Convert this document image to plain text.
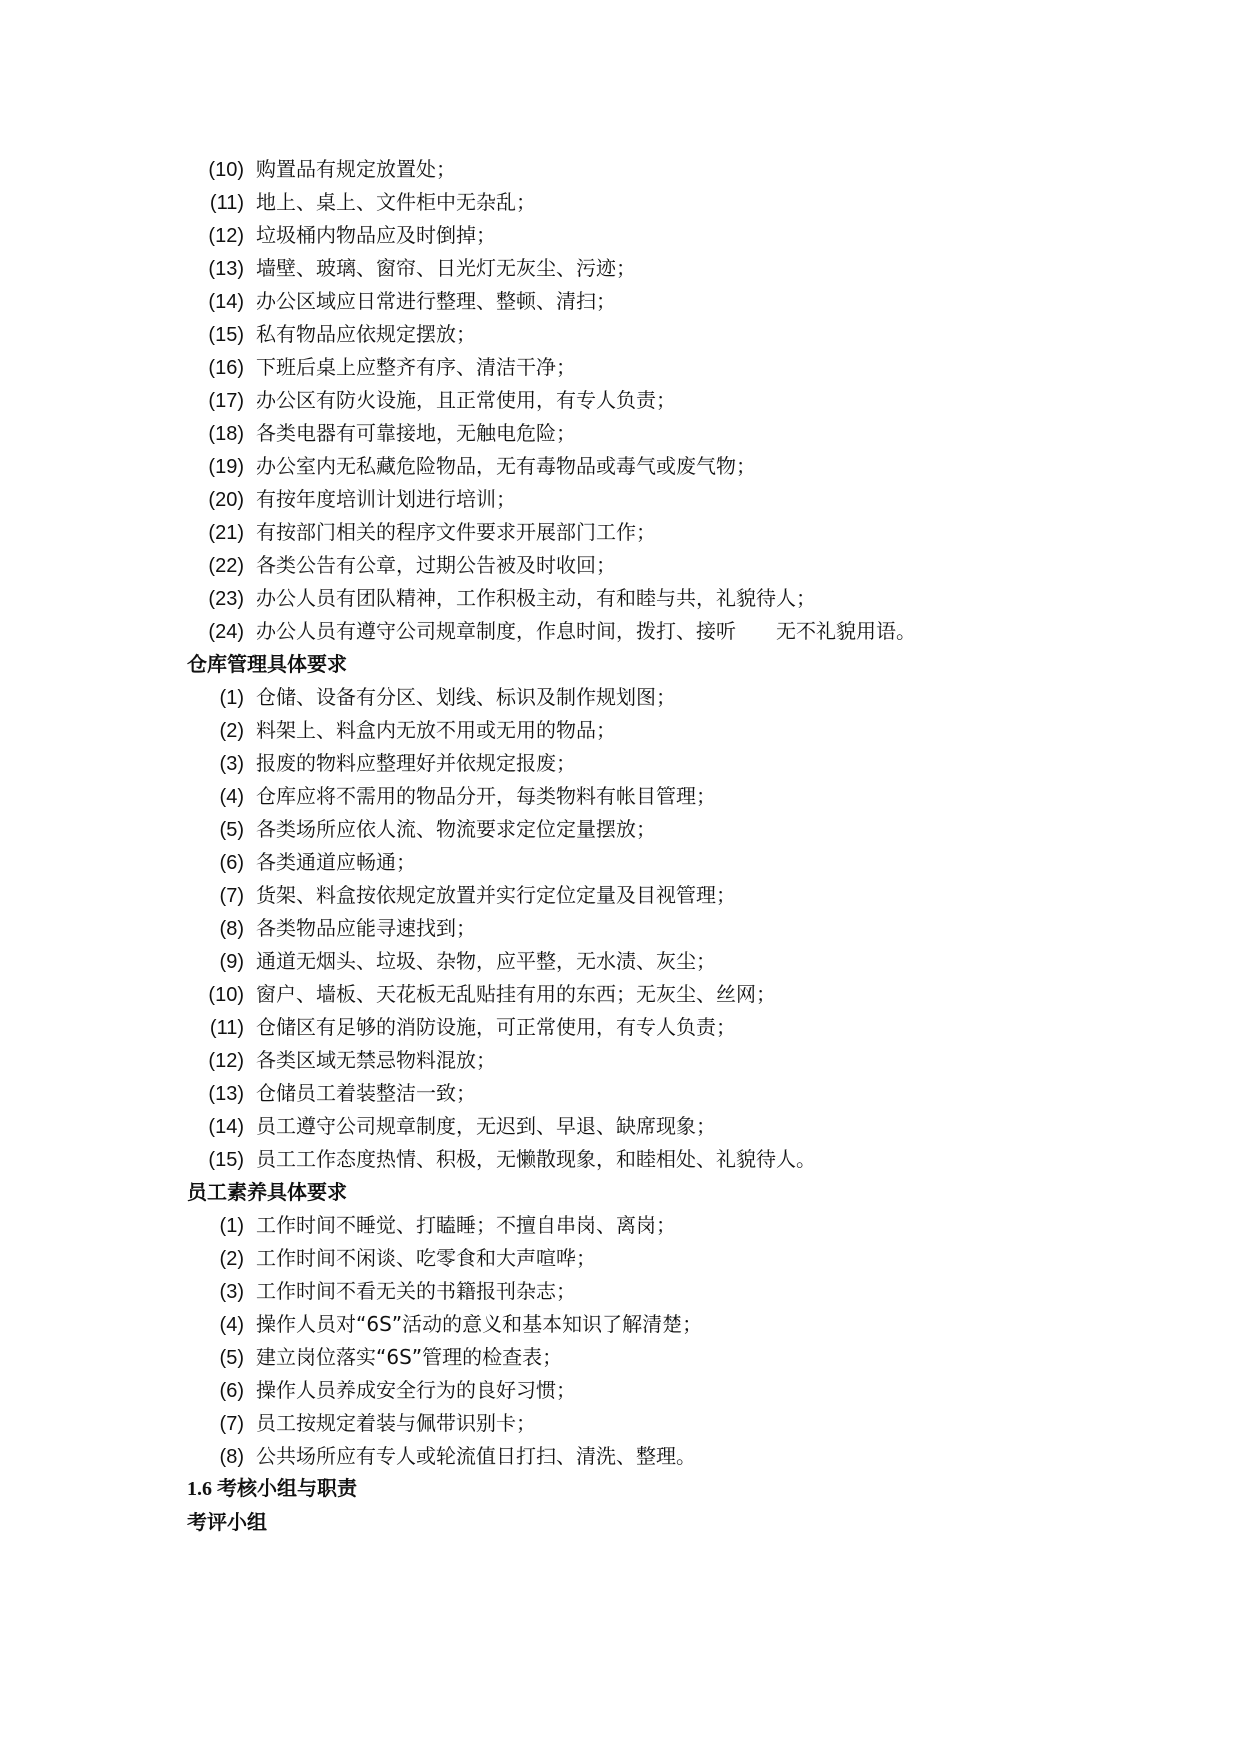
(10) 购置品有规定放置处；
(11) 地上、桌上、文件柜中无杂乱；
(12) 垃圾桶内物品应及时倒掉；
(13) 墙壁、玻璃、窗帘、日光灯无灰尘、污迹；
(14) 办公区域应日常进行整理、整顿、清扫；
(15) 私有物品应依规定摆放；
(16) 下班后桌上应整齐有序、清洁干净；
(17) 办公区有防火设施，且正常使用，有专人负责；
(18) 各类电器有可靠接地，无触电危险；
(19) 办公室内无私藏危险物品，无有毒物品或毒气或废气物；
(20) 有按年度培训计划进行培训；
(21) 有按部门相关的程序文件要求开展部门工作；
(22) 各类公告有公章，过期公告被及时收回；
(23) 办公人员有团队精神，工作积极主动，有和睦与共，礼貌待人；
(24) 办公人员有遵守公司规章制度，作息时间，拨打、接听　　无不礼貌用语。
仓库管理具体要求
(1) 仓储、设备有分区、划线、标识及制作规划图；
(2) 料架上、料盒内无放不用或无用的物品；
(3) 报废的物料应整理好并依规定报废；
(4) 仓库应将不需用的物品分开，每类物料有帐目管理；
(5) 各类场所应依人流、物流要求定位定量摆放；
(6) 各类通道应畅通；
(7) 货架、料盒按依规定放置并实行定位定量及目视管理；
(8) 各类物品应能寻速找到；
(9) 通道无烟头、垃圾、杂物，应平整，无水渍、灰尘；
(10) 窗户、墙板、天花板无乱贴挂有用的东西；无灰尘、丝网；
(11) 仓储区有足够的消防设施，可正常使用，有专人负责；
(12) 各类区域无禁忌物料混放；
(13) 仓储员工着装整洁一致；
(14) 员工遵守公司规章制度，无迟到、早退、缺席现象；
(15) 员工工作态度热情、积极，无懒散现象，和睦相处、礼貌待人。
员工素养具体要求
(1) 工作时间不睡觉、打瞌睡；不擅自串岗、离岗；
(2) 工作时间不闲谈、吃零食和大声喧哗；
(3) 工作时间不看无关的书籍报刊杂志；
(4) 操作人员对“6S”活动的意义和基本知识了解清楚；
(5) 建立岗位落实“6S”管理的检查表；
(6) 操作人员养成安全行为的良好习惯；
(7) 员工按规定着装与佩带识别卡；
(8) 公共场所应有专人或轮流值日打扫、清洗、整理。
1.6 考核小组与职责
考评小组
